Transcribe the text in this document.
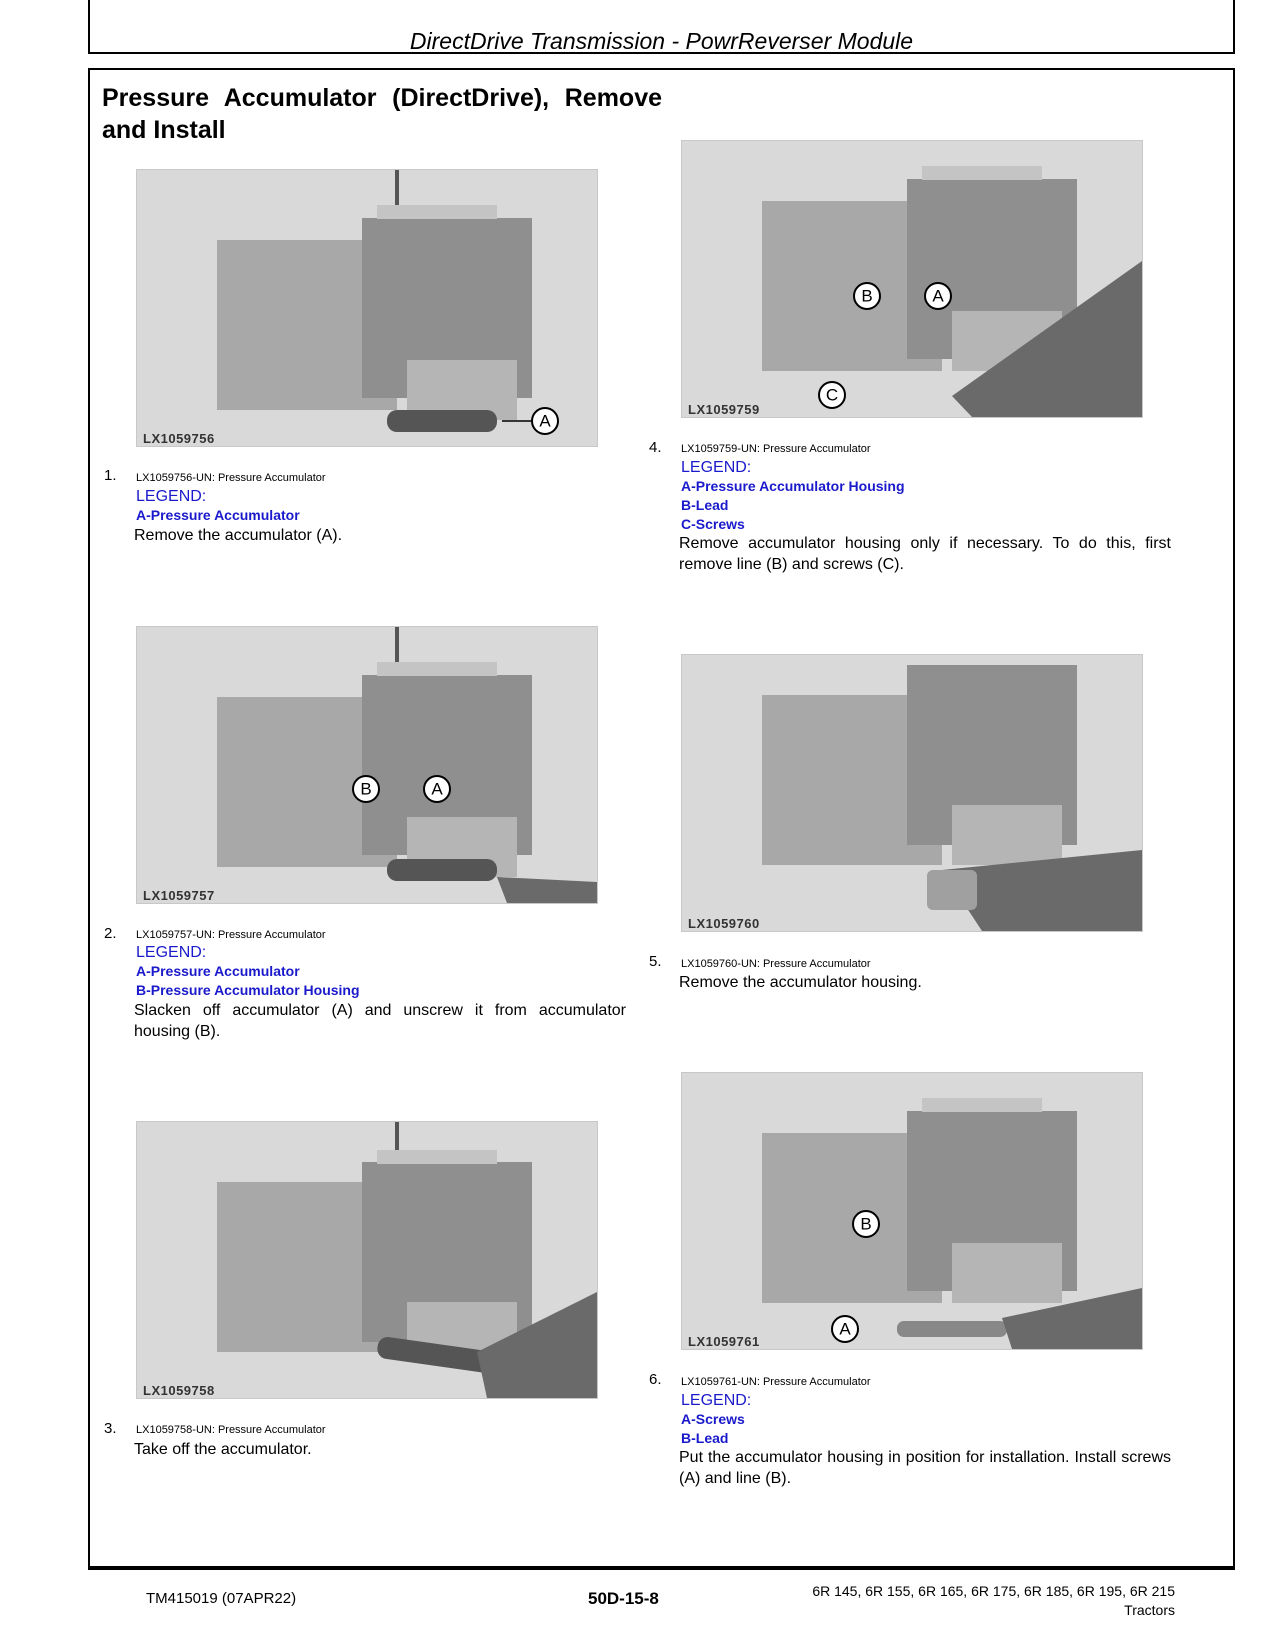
DirectDrive Transmission - PowrReverser Module
Pressure Accumulator (DirectDrive), Remove and Install
A
LX1059756
1. LX1059756-UN: Pressure Accumulator
LEGEND:
A-Pressure Accumulator
Remove the accumulator (A).
B	A
LX1059757
2. LX1059757-UN: Pressure Accumulator
LEGEND:
A-Pressure Accumulator
B-Pressure Accumulator Housing
Slacken off accumulator (A) and unscrew it from accumulator housing (B).
LX1059758
3. LX1059758-UN: Pressure Accumulator
Take off the accumulator.
B	A
C
LX1059759
4. LX1059759-UN: Pressure Accumulator
LEGEND:
A-Pressure Accumulator Housing
B-Lead
C-Screws
Remove accumulator housing only if necessary. To do this, first remove line (B) and screws (C).
LX1059760
5. LX1059760-UN: Pressure Accumulator
Remove the accumulator housing.
B
A
LX1059761
6. LX1059761-UN: Pressure Accumulator
LEGEND:
A-Screws
B-Lead
Put the accumulator housing in position for installation. Install screws (A) and line (B).
TM415019 (07APR22)	50D-15-8	6R 145, 6R 155, 6R 165, 6R 175, 6R 185, 6R 195, 6R 215
Tractors
